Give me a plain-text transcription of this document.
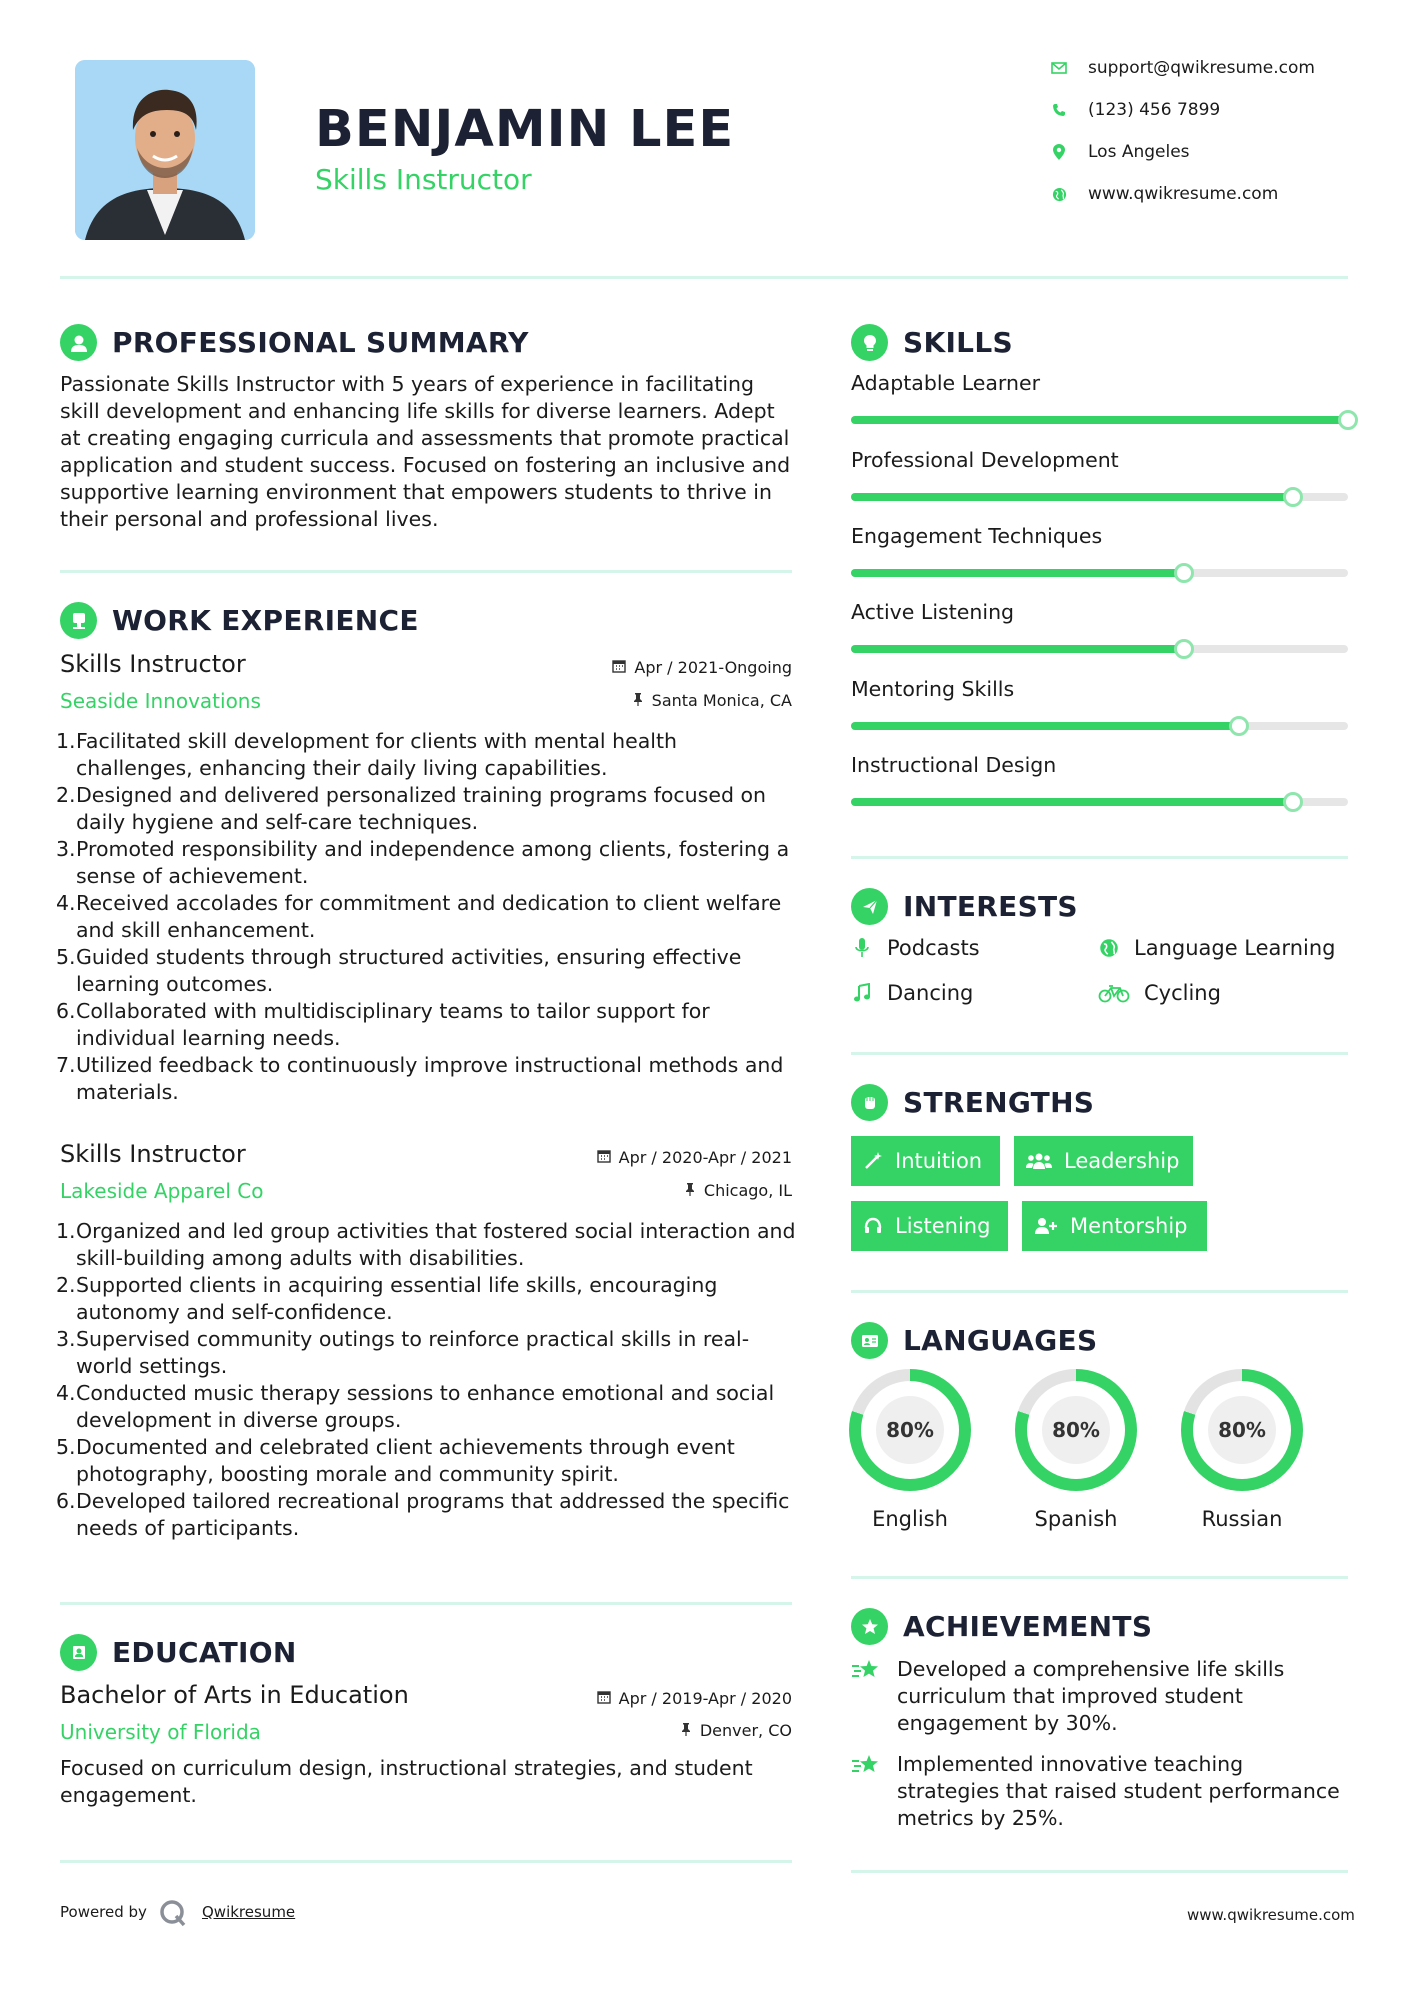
BENJAMIN LEE
Skills Instructor
support@qwikresume.com
(123) 456 7899
Los Angeles
www.qwikresume.com
PROFESSIONAL SUMMARY
Passionate Skills Instructor with 5 years of experience in facilitating skill development and enhancing life skills for diverse learners. Adept at creating engaging curricula and assessments that promote practical application and student success. Focused on fostering an inclusive and supportive learning environment that empowers students to thrive in their personal and professional lives.
WORK EXPERIENCE
Skills Instructor	Apr / 2021-Ongoing
Seaside Innovations	Santa Monica, CA
1. Facilitated skill development for clients with mental health challenges, enhancing their daily living capabilities.
2. Designed and delivered personalized training programs focused on daily hygiene and self-care techniques.
3. Promoted responsibility and independence among clients, fostering a sense of achievement.
4. Received accolades for commitment and dedication to client welfare and skill enhancement.
5. Guided students through structured activities, ensuring effective learning outcomes.
6. Collaborated with multidisciplinary teams to tailor support for individual learning needs.
7. Utilized feedback to continuously improve instructional methods and materials.
Skills Instructor	Apr / 2020-Apr / 2021
Lakeside Apparel Co	Chicago, IL
1. Organized and led group activities that fostered social interaction and skill-building among adults with disabilities.
2. Supported clients in acquiring essential life skills, encouraging autonomy and self-confidence.
3. Supervised community outings to reinforce practical skills in real-world settings.
4. Conducted music therapy sessions to enhance emotional and social development in diverse groups.
5. Documented and celebrated client achievements through event photography, boosting morale and community spirit.
6. Developed tailored recreational programs that addressed the specific needs of participants.
EDUCATION
Bachelor of Arts in Education	Apr / 2019-Apr / 2020
University of Florida	Denver, CO
Focused on curriculum design, instructional strategies, and student engagement.
SKILLS
Adaptable Learner
Professional Development
Engagement Techniques
Active Listening
Mentoring Skills
Instructional Design
INTERESTS
Podcasts	Language Learning
Dancing	Cycling
STRENGTHS
Intuition	Leadership
Listening	Mentorship
LANGUAGES
80%
English
80%
Spanish
80%
Russian
ACHIEVEMENTS
Developed a comprehensive life skills curriculum that improved student engagement by 30%.
Implemented innovative teaching strategies that raised student performance metrics by 25%.
Powered by	Qwikresume	www.qwikresume.com
